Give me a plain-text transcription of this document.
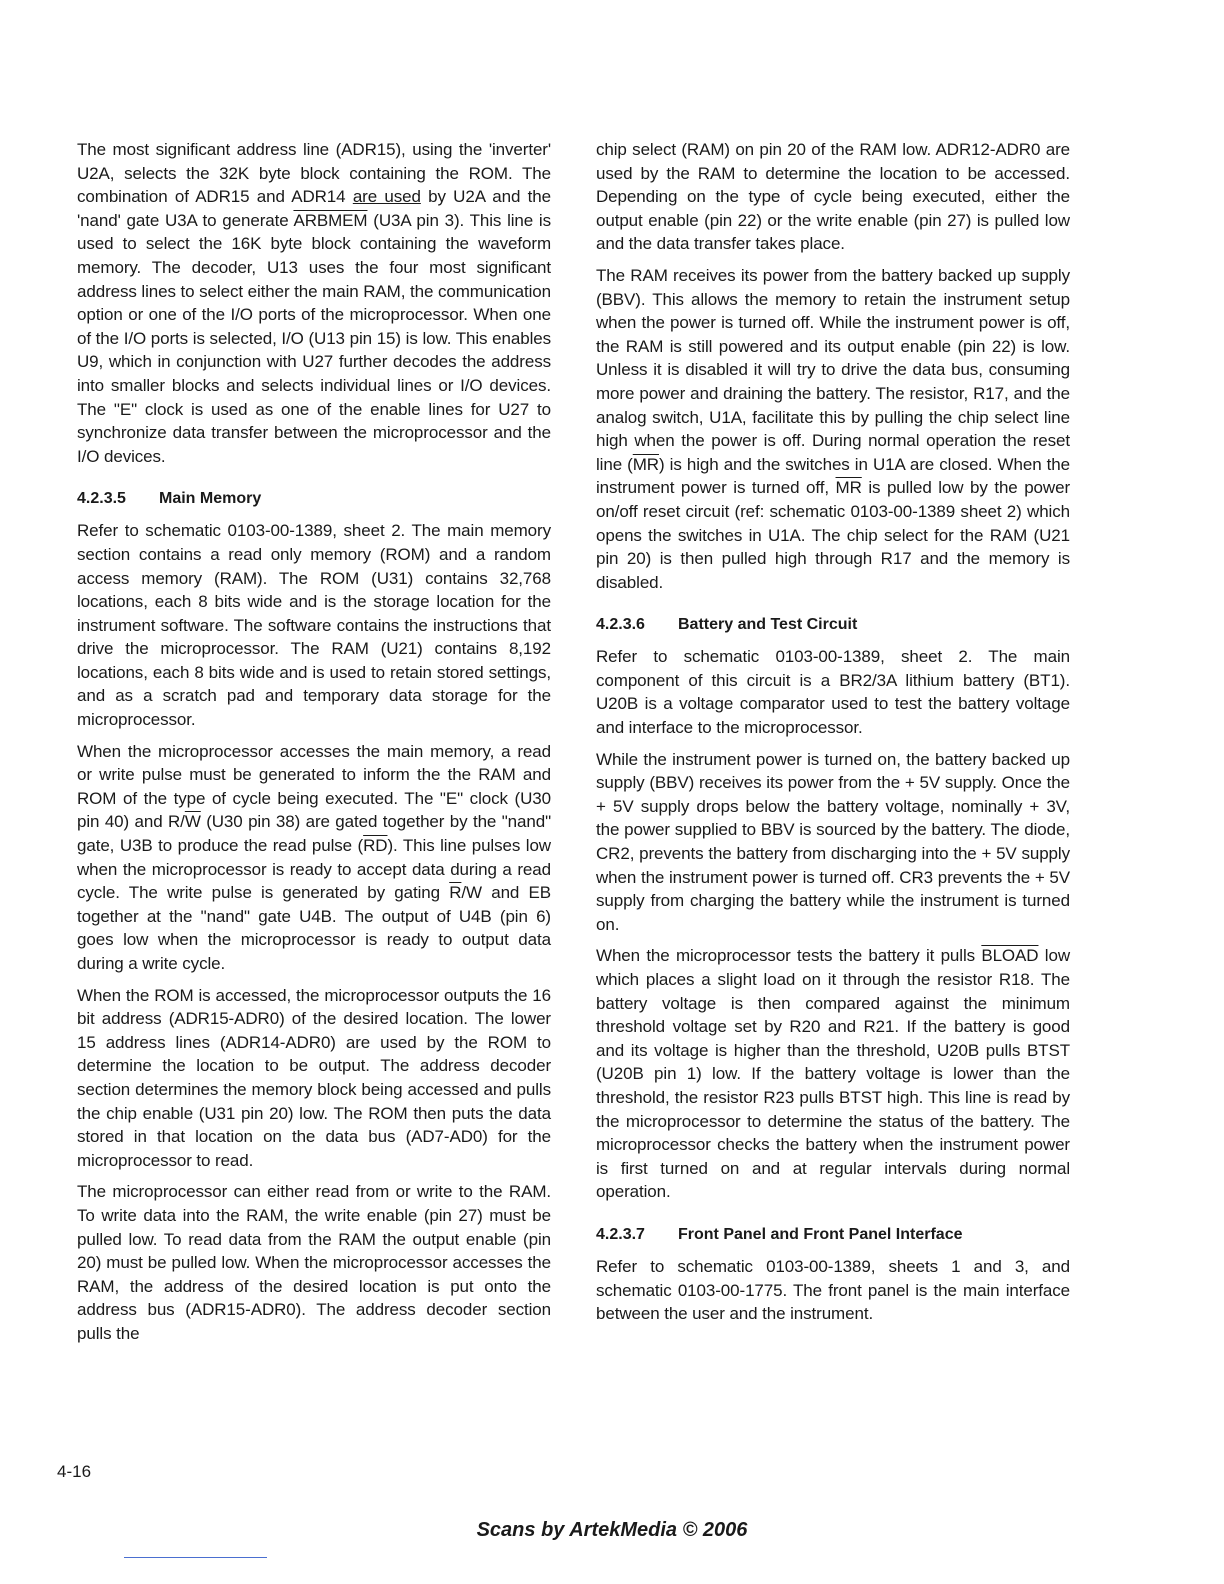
The most significant address line (ADR15), using the 'inverter' U2A, selects the 32K byte block containing the ROM. The combination of ADR15 and ADR14 are used by U2A and the 'nand' gate U3A to generate ARBMEM (U3A pin 3). This line is used to select the 16K byte block containing the waveform memory. The decoder, U13 uses the four most significant address lines to select either the main RAM, the communication option or one of the I/O ports of the microprocessor. When one of the I/O ports is selected, I/O (U13 pin 15) is low. This enables U9, which in conjunction with U27 further decodes the address into smaller blocks and selects individual lines or I/O devices. The "E" clock is used as one of the enable lines for U27 to synchronize data transfer between the microprocessor and the I/O devices.

4.2.3.5 Main Memory

Refer to schematic 0103-00-1389, sheet 2. The main memory section contains a read only memory (ROM) and a random access memory (RAM). The ROM (U31) contains 32,768 locations, each 8 bits wide and is the storage location for the instrument software. The software contains the instructions that drive the microprocessor. The RAM (U21) contains 8,192 locations, each 8 bits wide and is used to retain stored settings, and as a scratch pad and temporary data storage for the microprocessor.

When the microprocessor accesses the main memory, a read or write pulse must be generated to inform the the RAM and ROM of the type of cycle being executed. The "E" clock (U30 pin 40) and $R/\overline{W}$ (U30 pin 38) are gated together by the "nand" gate, U3B to produce the read pulse $(\overline{RD})$. This line pulses low when the microprocessor is ready to accept data during a read cycle. The write pulse is generated by gating $\overline{R}/W$ and EB together at the "nand" gate U4B. The output of U4B (pin 6) goes low when the microprocessor is ready to output data during a write cycle.

When the ROM is accessed, the microprocessor outputs the 16 bit address (ADR15-ADR0) of the desired location. The lower 15 address lines (ADR14-ADR0) are used by the ROM to determine the location to be output. The address decoder section determines the memory block being accessed and pulls the chip enable (U31 pin 20) low. The ROM then puts the data stored in that location on the data bus (AD7-AD0) for the microprocessor to read.

The microprocessor can either read from or write to the RAM. To write data into the RAM, the write enable (pin 27) must be pulled low. To read data from the RAM the output enable (pin 20) must be pulled low. When the microprocessor accesses the RAM, the address of the desired location is put onto the address bus (ADR15-ADR0). The address decoder section pulls the

chip select (RAM) on pin 20 of the RAM low. ADR12-ADR0 are used by the RAM to determine the location to be accessed. Depending on the type of cycle being executed, either the output enable (pin 22) or the write enable (pin 27) is pulled low and the data transfer takes place.

The RAM receives its power from the battery backed up supply (BBV). This allows the memory to retain the instrument setup when the power is turned off. While the instrument power is off, the RAM is still powered and its output enable (pin 22) is low. Unless it is disabled it will try to drive the data bus, consuming more power and draining the battery. The resistor, R17, and the analog switch, U1A, facilitate this by pulling the chip select line high when the power is off. During normal operation the reset line $(\overline{MR})$ is high and the switches in U1A are closed. When the instrument power is turned off, $\overline{MR}$ is pulled low by the power on/off reset circuit (ref: schematic 0103-00-1389 sheet 2) which opens the switches in U1A. The chip select for the RAM (U21 pin 20) is then pulled high through R17 and the memory is disabled.

4.2.3.6 Battery and Test Circuit

Refer to schematic 0103-00-1389, sheet 2. The main component of this circuit is a BR2/3A lithium battery (BT1). U20B is a voltage comparator used to test the battery voltage and interface to the microprocessor.

While the instrument power is turned on, the battery backed up supply (BBV) receives its power from the + 5V supply. Once the + 5V supply drops below the battery voltage, nominally + 3V, the power supplied to BBV is sourced by the battery. The diode, CR2, prevents the battery from discharging into the + 5V supply when the instrument power is turned off. CR3 prevents the + 5V supply from charging the battery while the instrument is turned on.

When the microprocessor tests the battery it pulls BLOAD low which places a slight load on it through the resistor R18. The battery voltage is then compared against the minimum threshold voltage set by R20 and R21. If the battery is good and its voltage is higher than the threshold, U20B pulls BTST (U20B pin 1) low. If the battery voltage is lower than the threshold, the resistor R23 pulls BTST high. This line is read by the microprocessor to determine the status of the battery. The microprocessor checks the battery when the instrument power is first turned on and at regular intervals during normal operation.

4.2.3.7 Front Panel and Front Panel Interface

Refer to schematic 0103-00-1389, sheets 1 and 3, and schematic 0103-00-1775. The front panel is the main interface between the user and the instrument.

4-16
Scans by ArtekMedia © 2006
